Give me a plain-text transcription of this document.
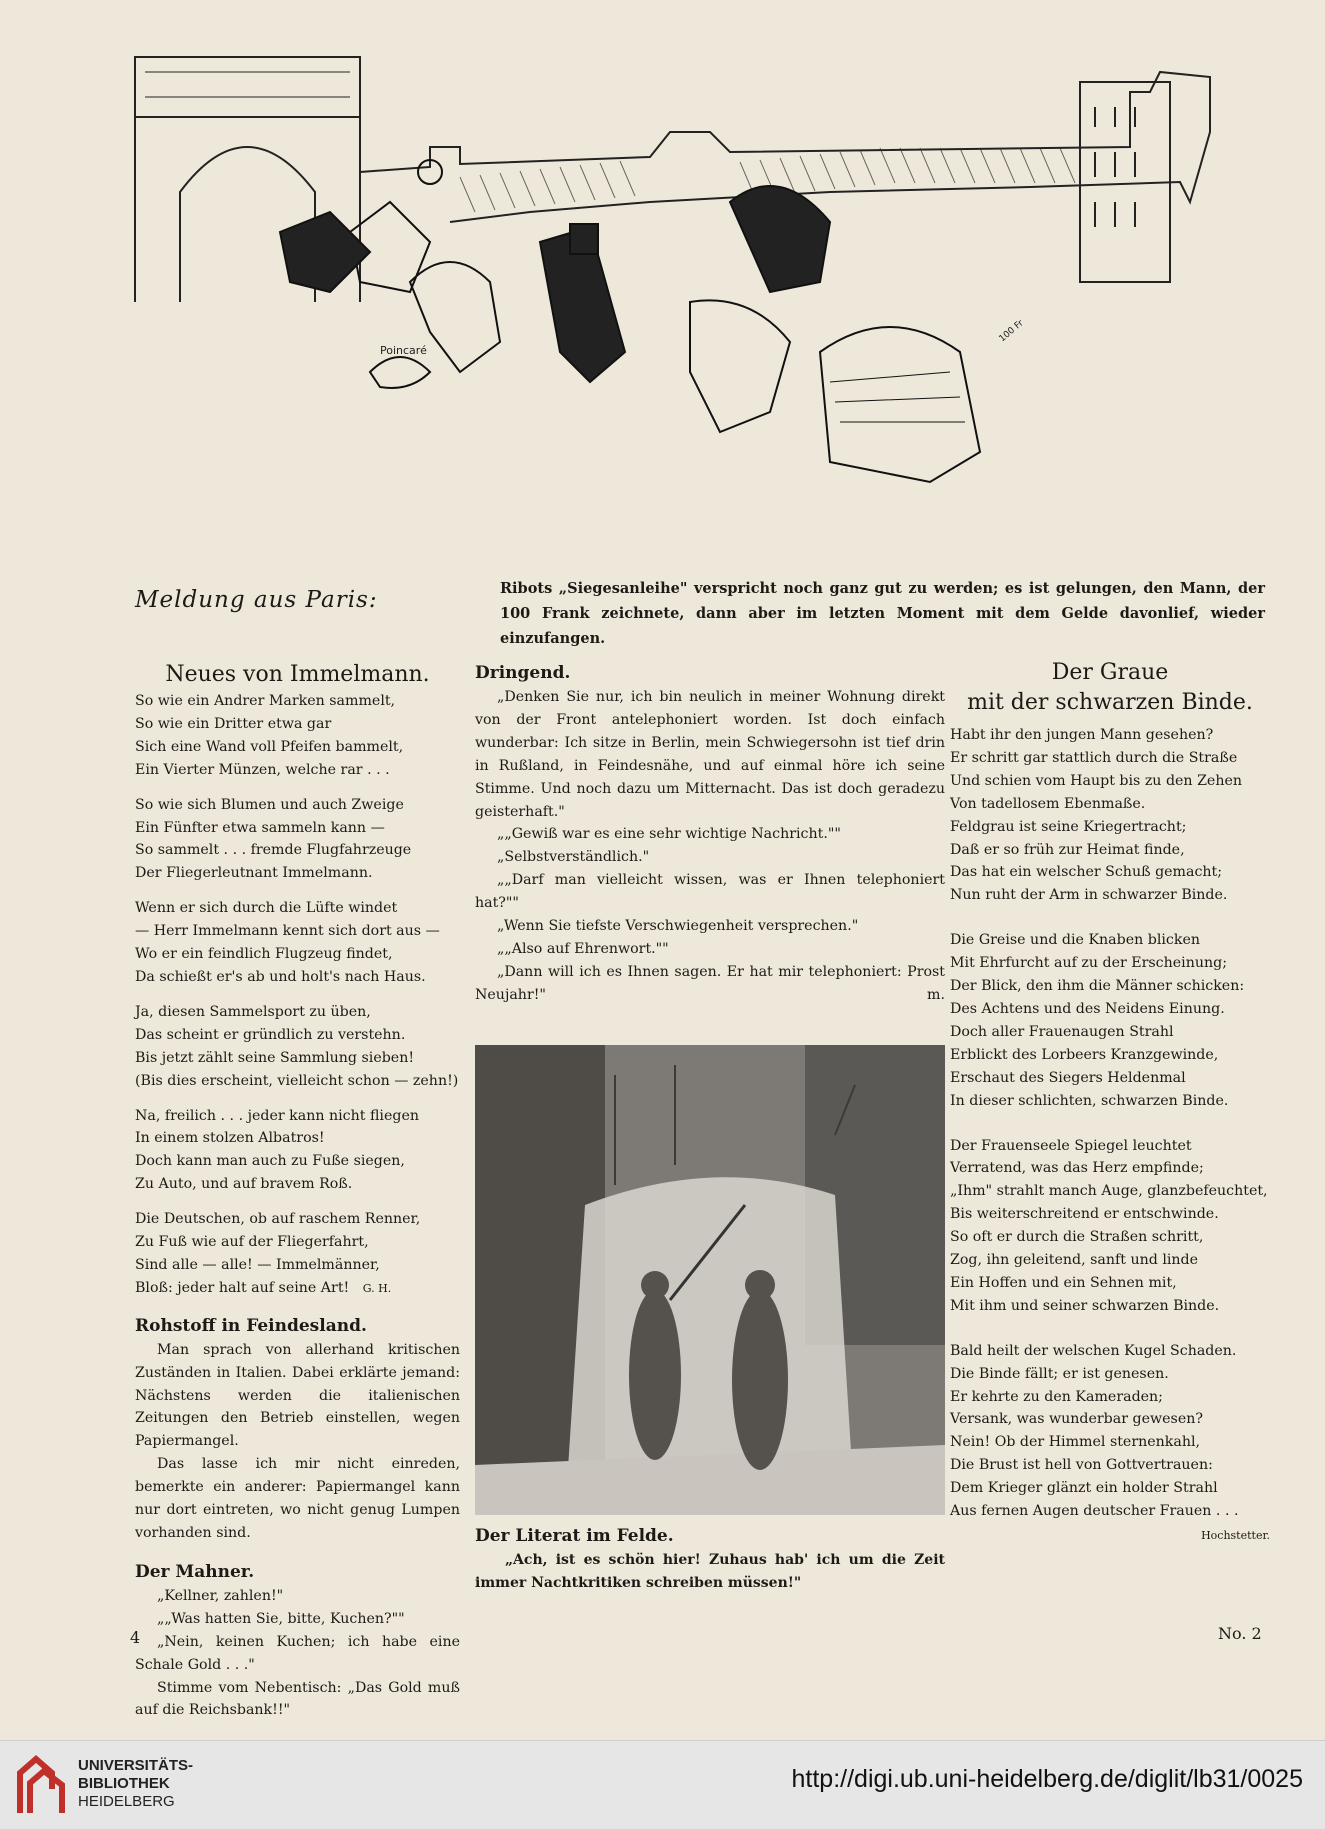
Poincaré
Ribot
100 Fr
Meldung aus Paris:	Ribots „Siegesanleihe" verspricht noch ganz gut zu werden; es ist gelungen, den Mann, der 100 Frank zeichnete, dann aber im letzten Moment mit dem Gelde davonlief, wieder einzufangen.

Neues von Immelmann.

So wie ein Andrer Marken sammelt,

So wie ein Dritter etwa gar

Sich eine Wand voll Pfeifen bammelt,

Ein Vierter Münzen, welche rar . . .

So wie sich Blumen und auch Zweige

Ein Fünfter etwa sammeln kann —

So sammelt . . . fremde Flugfahrzeuge

Der Fliegerleutnant Immelmann.

Wenn er sich durch die Lüfte windet

— Herr Immelmann kennt sich dort aus —

Wo er ein feindlich Flugzeug findet,

Da schießt er's ab und holt's nach Haus.

Ja, diesen Sammelsport zu üben,

Das scheint er gründlich zu verstehn.

Bis jetzt zählt seine Sammlung sieben!

(Bis dies erscheint, vielleicht schon — zehn!)

Na, freilich . . . jeder kann nicht fliegen

In einem stolzen Albatros!

Doch kann man auch zu Fuße siegen,

Zu Auto, und auf bravem Roß.

Die Deutschen, ob auf raschem Renner,

Zu Fuß wie auf der Fliegerfahrt,

Sind alle — alle! — Immelmänner,

Bloß: jeder halt auf seine Art! G. H.

Rohstoff in Feindesland.

Man sprach von allerhand kritischen Zuständen in Italien. Dabei erklärte jemand: Nächstens werden die italienischen Zeitungen den Betrieb einstellen, wegen Papiermangel.

Das lasse ich mir nicht einreden, bemerkte ein anderer: Papiermangel kann nur dort eintreten, wo nicht genug Lumpen vorhanden sind.

Der Mahner.

„Kellner, zahlen!"

„„Was hatten Sie, bitte, Kuchen?""

„Nein, keinen Kuchen; ich habe eine Schale Gold . . ."

Stimme vom Nebentisch: „Das Gold muß auf die Reichsbank!!"

Dringend.

„Denken Sie nur, ich bin neulich in meiner Wohnung direkt von der Front antelephoniert worden. Ist doch einfach wunderbar: Ich sitze in Berlin, mein Schwiegersohn ist tief drin in Rußland, in Feindesnähe, und auf einmal höre ich seine Stimme. Und noch dazu um Mitternacht. Das ist doch geradezu geisterhaft."

„„Gewiß war es eine sehr wichtige Nachricht.""

„Selbstverständlich."

„„Darf man vielleicht wissen, was er Ihnen telephoniert hat?""

„Wenn Sie tiefste Verschwiegenheit versprechen."

„„Also auf Ehrenwort.""

„Dann will ich es Ihnen sagen. Er hat mir telephoniert: Prost Neujahr!"	m.

Der Literat im Felde.

„Ach, ist es schön hier! Zuhaus hab' ich um die Zeit immer Nachtkritiken schreiben müssen!"

Der Graue

mit der schwarzen Binde.

Habt ihr den jungen Mann gesehen?

Er schritt gar stattlich durch die Straße

Und schien vom Haupt bis zu den Zehen

Von tadellosem Ebenmaße.

Feldgrau ist seine Kriegertracht;

Daß er so früh zur Heimat finde,

Das hat ein welscher Schuß gemacht;

Nun ruht der Arm in schwarzer Binde.

Die Greise und die Knaben blicken

Mit Ehrfurcht auf zu der Erscheinung;

Der Blick, den ihm die Männer schicken:

Des Achtens und des Neidens Einung.

Doch aller Frauenaugen Strahl

Erblickt des Lorbeers Kranzgewinde,

Erschaut des Siegers Heldenmal

In dieser schlichten, schwarzen Binde.

Der Frauenseele Spiegel leuchtet

Verratend, was das Herz empfinde;

„Ihm" strahlt manch Auge, glanzbefeuchtet,

Bis weiterschreitend er entschwinde.

So oft er durch die Straßen schritt,

Zog, ihn geleitend, sanft und linde

Ein Hoffen und ein Sehnen mit,

Mit ihm und seiner schwarzen Binde.

Bald heilt der welschen Kugel Schaden.

Die Binde fällt; er ist genesen.

Er kehrte zu den Kameraden;

Versank, was wunderbar gewesen?

Nein! Ob der Himmel sternenkahl,

Die Brust ist hell von Gottvertrauen:

Dem Krieger glänzt ein holder Strahl

Aus fernen Augen deutscher Frauen . . .

Hochstetter.

4	No. 2
UNIVERSITÄTS-
BIBLIOTHEK
HEIDELBERG
http://digi.ub.uni-heidelberg.de/diglit/lb31/0025
